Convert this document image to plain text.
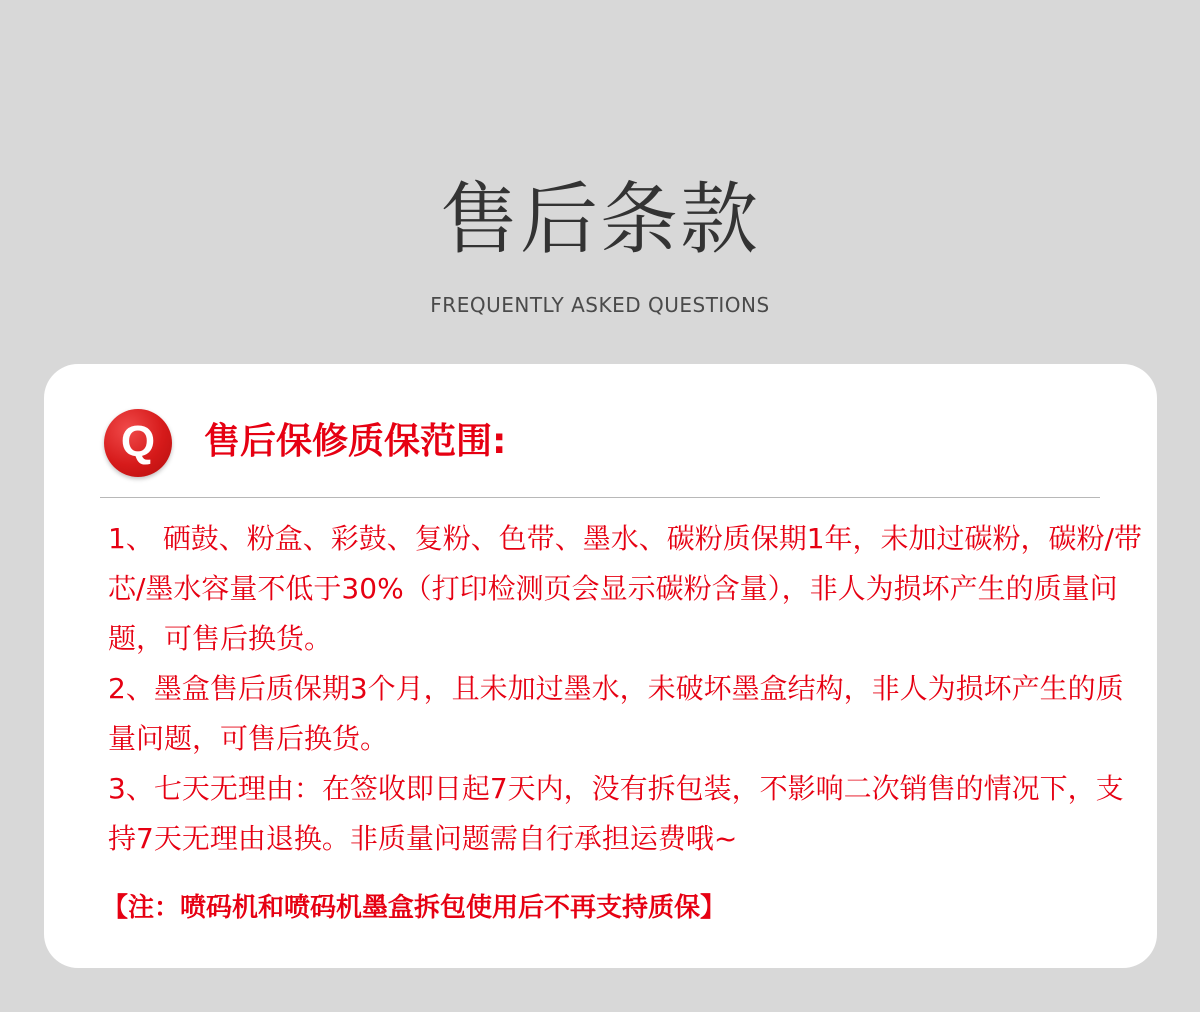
售后条款
FREQUENTLY ASKED QUESTIONS
Q	售后保修质保范围:
1、 硒鼓、粉盒、彩鼓、复粉、色带、墨水、碳粉质保期1年，未加过碳粉，碳粉/带芯/墨水容量不低于30%（打印检测页会显示碳粉含量），非人为损坏产生的质量问题，可售后换货。
2、墨盒售后质保期3个月，且未加过墨水，未破坏墨盒结构，非人为损坏产生的质量问题，可售后换货。
3、七天无理由：在签收即日起7天内，没有拆包装，不影响二次销售的情况下，支持7天无理由退换。非质量问题需自行承担运费哦~
【注：喷码机和喷码机墨盒拆包使用后不再支持质保】
